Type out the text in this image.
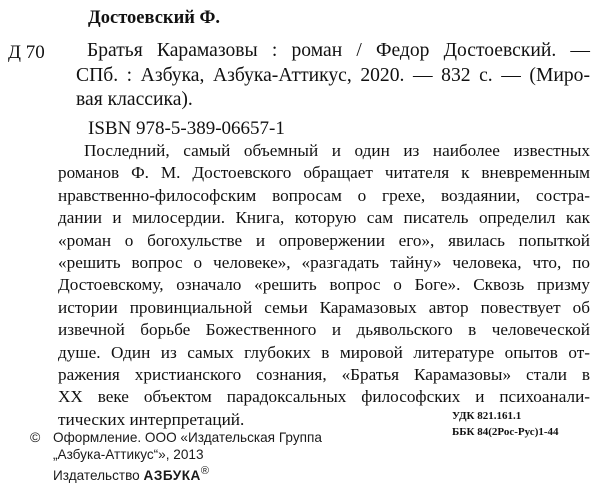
Достоевский Ф.
Д 70	Братья Карамазовы : роман / Федор Достоевский. —
СПб. : Азбука, Азбука-Аттикус, 2020. — 832 с. — (Миро-
вая классика).
ISBN 978-5-389-06657-1
Последний, самый объемный и один из наиболее известных
романов Ф. М. Достоевского обращает читателя к вневременным
нравственно-философским вопросам о грехе, воздаянии, состра-
дании и милосердии. Книга, которую сам писатель определил как
«роман о богохульстве и опровержении его», явилась попыткой
«решить вопрос о человеке», «разгадать тайну» человека, что, по
Достоевскому, означало «решить вопрос о Боге». Сквозь призму
истории провинциальной семьи Карамазовых автор повествует об
извечной борьбе Божественного и дьявольского в человеческой
душе. Один из самых глубоких в мировой литературе опытов от-
ражения христианского сознания, «Братья Карамазовы» стали в
XX веке объектом парадоксальных философских и психоанали-
тических интерпретаций.	УДК 821.161.1
ББК 84(2Рос-Рус)1-44
© Оформление. ООО «Издательская Группа
„Азбука-Аттикус“», 2013
Издательство АЗБУКА®
